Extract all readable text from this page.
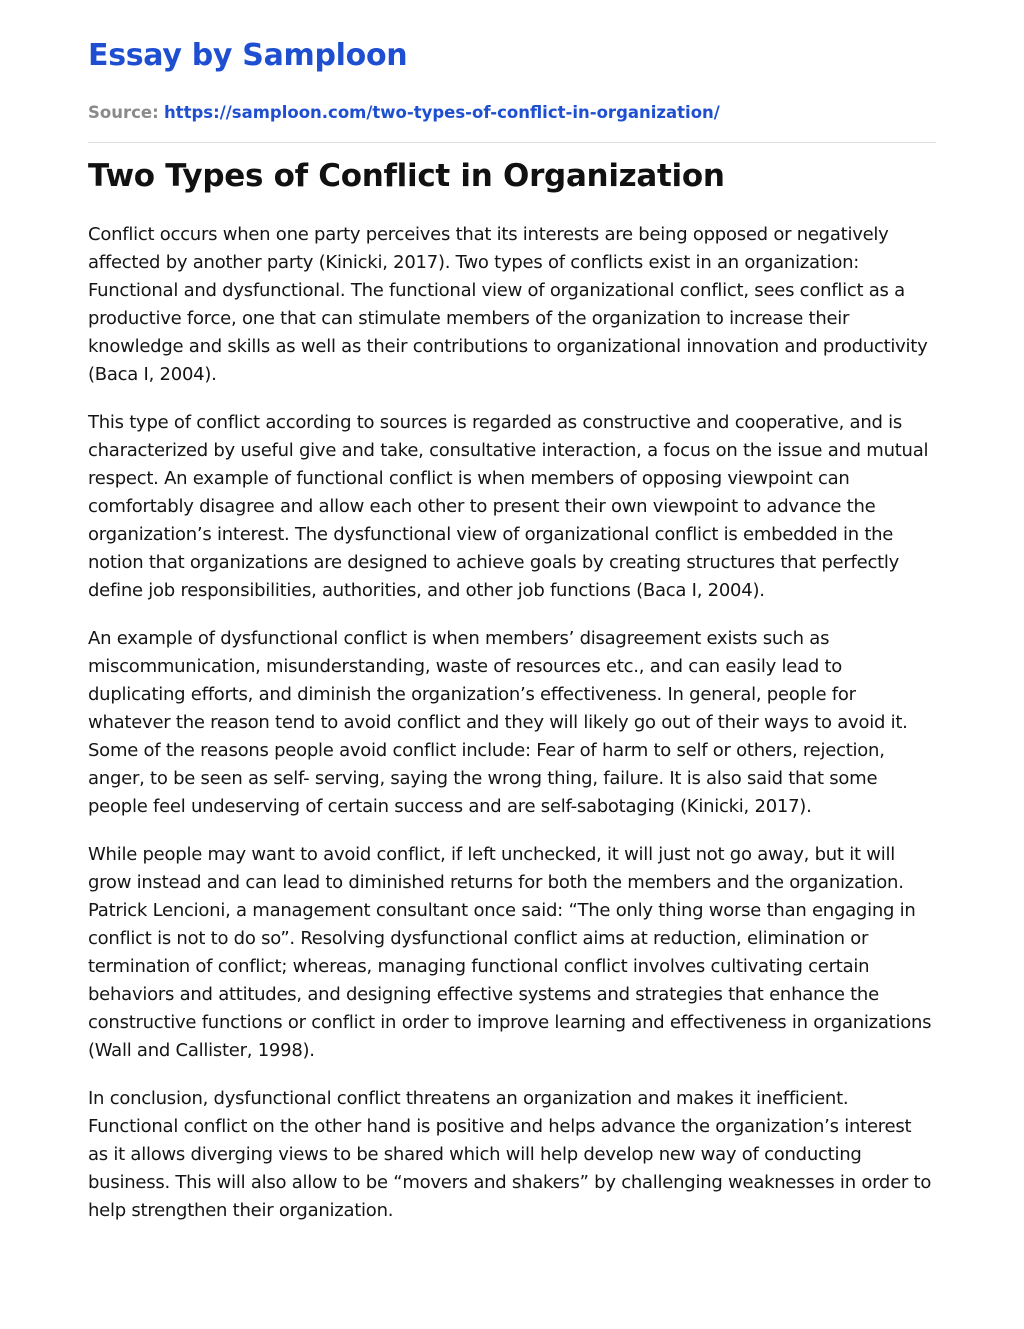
Essay by Samploon
Source: https://samploon.com/two-types-of-conflict-in-organization/
Two Types of Conflict in Organization

Conflict occurs when one party perceives that its interests are being opposed or negatively affected by another party (Kinicki, 2017). Two types of conflicts exist in an organization: Functional and dysfunctional. The functional view of organizational conflict, sees conflict as a productive force, one that can stimulate members of the organization to increase their knowledge and skills as well as their contributions to organizational innovation and productivity (Baca I, 2004).

This type of conflict according to sources is regarded as constructive and cooperative, and is characterized by useful give and take, consultative interaction, a focus on the issue and mutual respect. An example of functional conflict is when members of opposing viewpoint can comfortably disagree and allow each other to present their own viewpoint to advance the organization’s interest. The dysfunctional view of organizational conflict is embedded in the notion that organizations are designed to achieve goals by creating structures that perfectly define job responsibilities, authorities, and other job functions (Baca I, 2004).

An example of dysfunctional conflict is when members’ disagreement exists such as miscommunication, misunderstanding, waste of resources etc., and can easily lead to duplicating efforts, and diminish the organization’s effectiveness. In general, people for whatever the reason tend to avoid conflict and they will likely go out of their ways to avoid it. Some of the reasons people avoid conflict include: Fear of harm to self or others, rejection, anger, to be seen as self- serving, saying the wrong thing, failure. It is also said that some people feel undeserving of certain success and are self-sabotaging (Kinicki, 2017).

While people may want to avoid conflict, if left unchecked, it will just not go away, but it will grow instead and can lead to diminished returns for both the members and the organization. Patrick Lencioni, a management consultant once said: “The only thing worse than engaging in conflict is not to do so”. Resolving dysfunctional conflict aims at reduction, elimination or termination of conflict; whereas, managing functional conflict involves cultivating certain behaviors and attitudes, and designing effective systems and strategies that enhance the constructive functions or conflict in order to improve learning and effectiveness in organizations (Wall and Callister, 1998).

In conclusion, dysfunctional conflict threatens an organization and makes it inefficient. Functional conflict on the other hand is positive and helps advance the organization’s interest as it allows diverging views to be shared which will help develop new way of conducting business. This will also allow to be “movers and shakers” by challenging weaknesses in order to help strengthen their organization.
